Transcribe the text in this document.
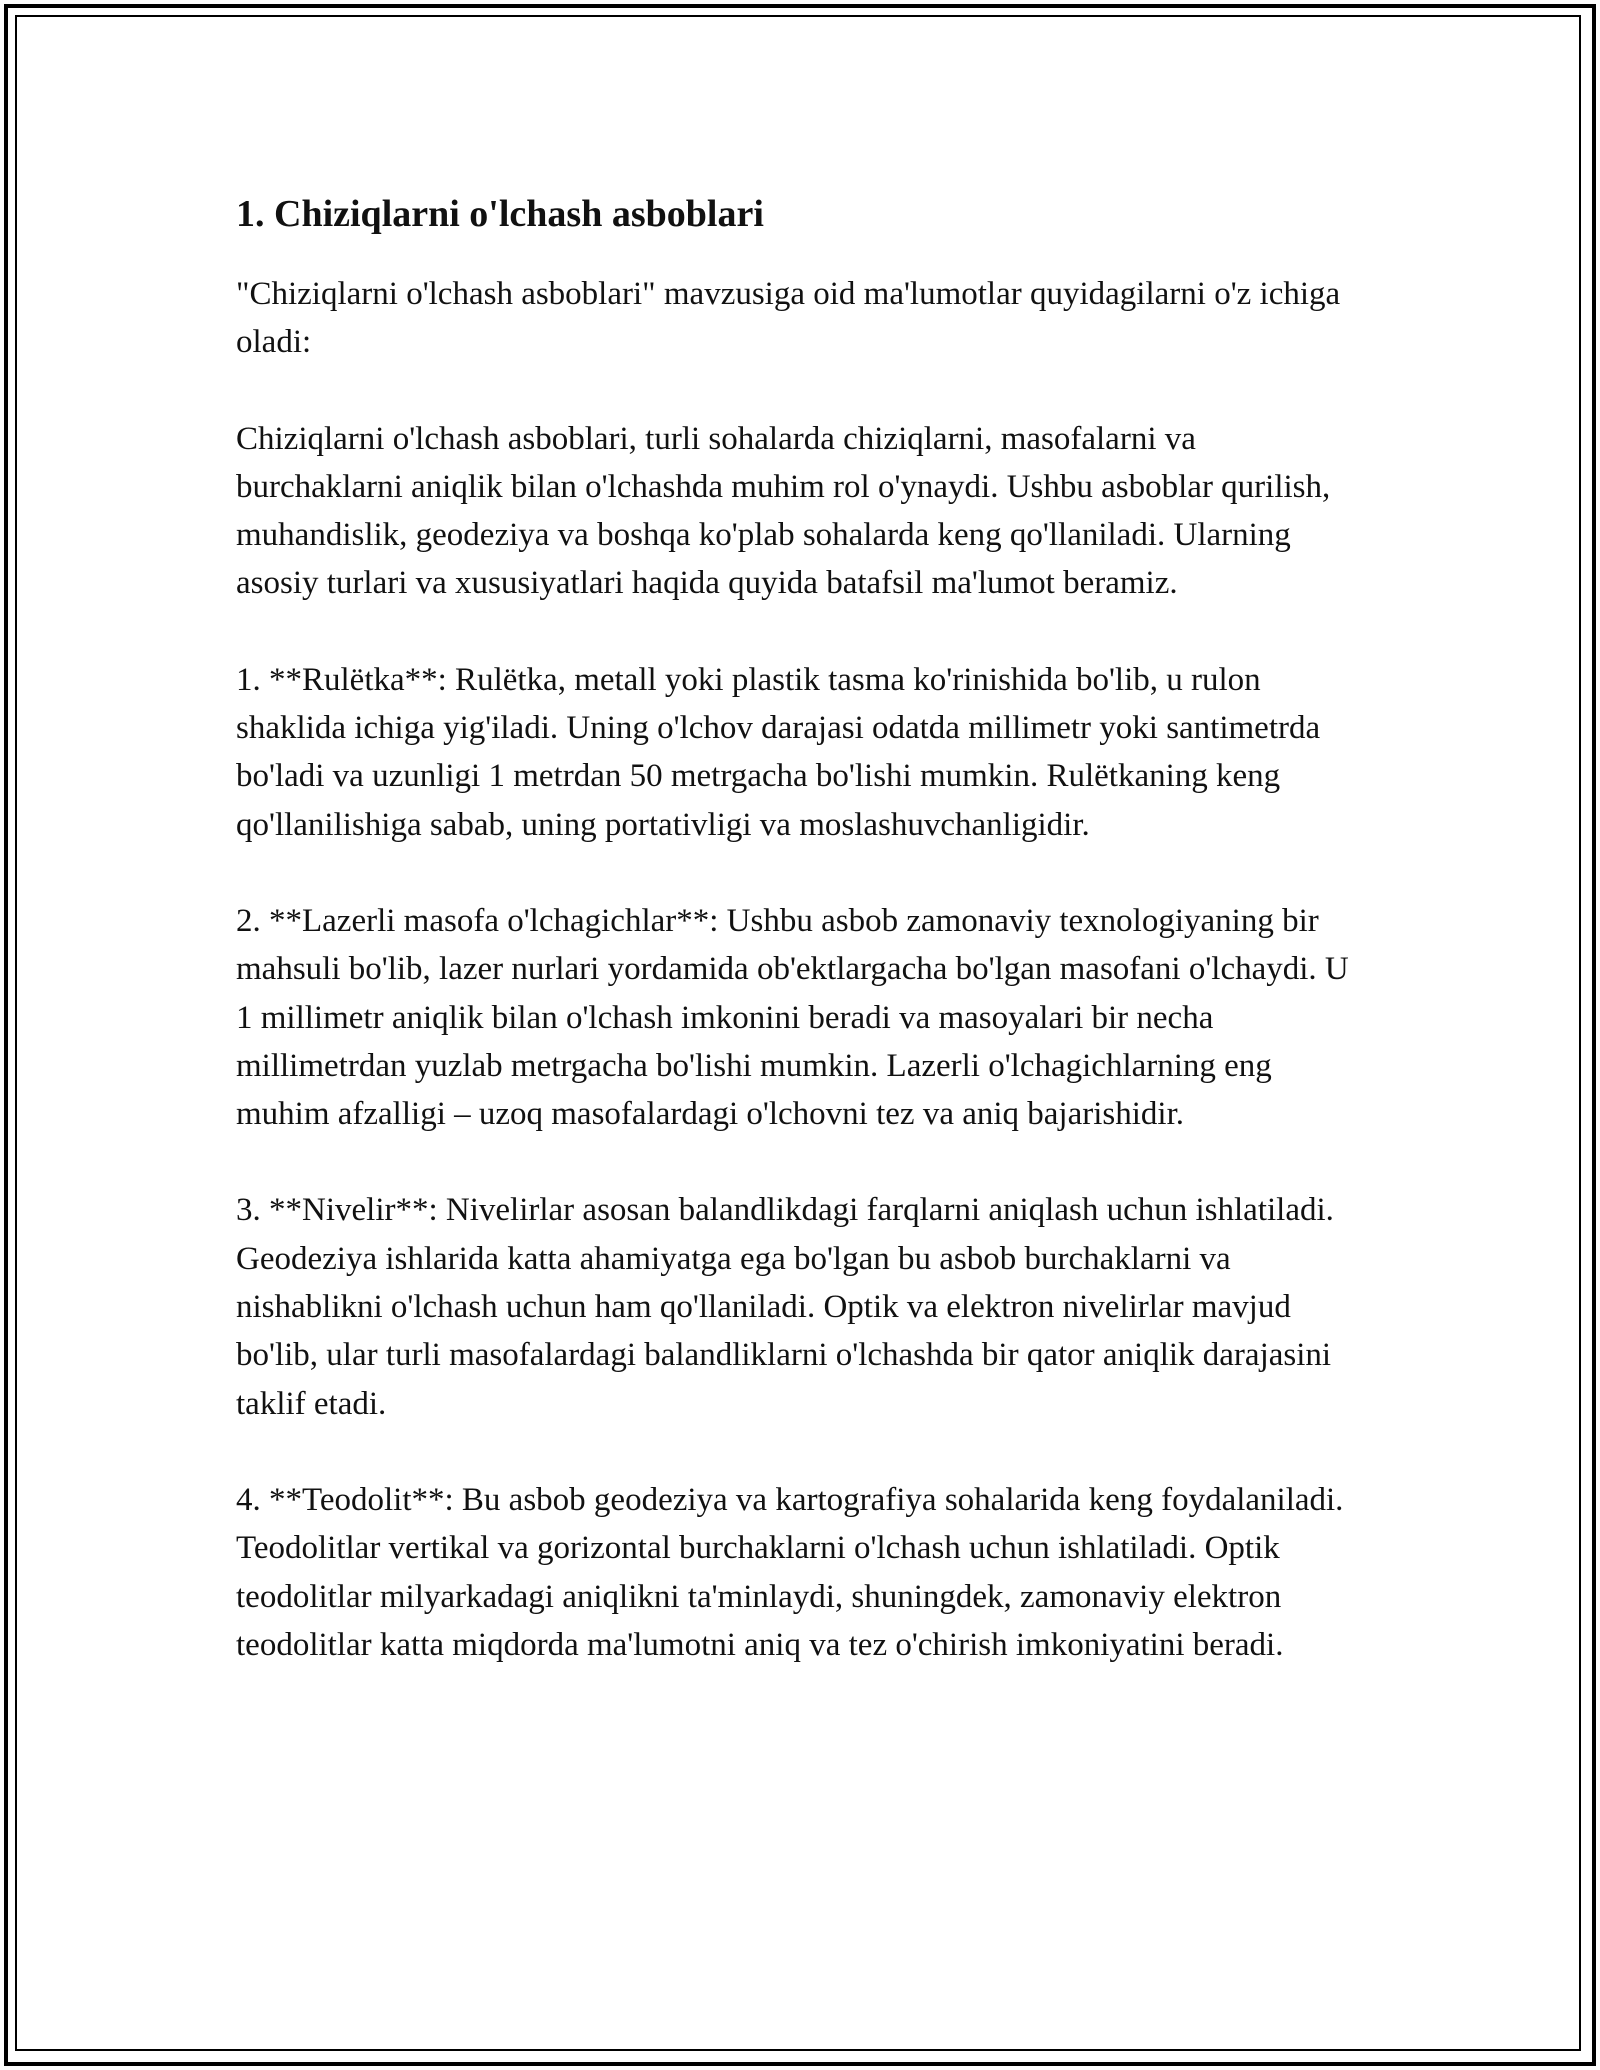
1. Chiziqlarni o'lchash asboblari

"Chiziqlarni o'lchash asboblari" mavzusiga oid ma'lumotlar quyidagilarni o'z ichiga oladi:

Chiziqlarni o'lchash asboblari, turli sohalarda chiziqlarni, masofalarni va burchaklarni aniqlik bilan o'lchashda muhim rol o'ynaydi. Ushbu asboblar qurilish, muhandislik, geodeziya va boshqa ko'plab sohalarda keng qo'llaniladi. Ularning asosiy turlari va xususiyatlari haqida quyida batafsil ma'lumot beramiz.

1. **Rulëtka**: Rulëtka, metall yoki plastik tasma ko'rinishida bo'lib, u rulon shaklida ichiga yig'iladi. Uning o'lchov darajasi odatda millimetr yoki santimetrda bo'ladi va uzunligi 1 metrdan 50 metrgacha bo'lishi mumkin. Rulëtkaning keng qo'llanilishiga sabab, uning portativligi va moslashuvchanligidir.

2. **Lazerli masofa o'lchagichlar**: Ushbu asbob zamonaviy texnologiyaning bir mahsuli bo'lib, lazer nurlari yordamida ob'ektlargacha bo'lgan masofani o'lchaydi. U 1 millimetr aniqlik bilan o'lchash imkonini beradi va masoyalari bir necha millimetrdan yuzlab metrgacha bo'lishi mumkin. Lazerli o'lchagichlarning eng muhim afzalligi – uzoq masofalardagi o'lchovni tez va aniq bajarishidir.

3. **Nivelir**: Nivelirlar asosan balandlikdagi farqlarni aniqlash uchun ishlatiladi. Geodeziya ishlarida katta ahamiyatga ega bo'lgan bu asbob burchaklarni va nishablikni o'lchash uchun ham qo'llaniladi. Optik va elektron nivelirlar mavjud bo'lib, ular turli masofalardagi balandliklarni o'lchashda bir qator aniqlik darajasini taklif etadi.

4. **Teodolit**: Bu asbob geodeziya va kartografiya sohalarida keng foydalaniladi. Teodolitlar vertikal va gorizontal burchaklarni o'lchash uchun ishlatiladi. Optik teodolitlar milyarkadagi aniqlikni ta'minlaydi, shuningdek, zamonaviy elektron teodolitlar katta miqdorda ma'lumotni aniq va tez o'chirish imkoniyatini beradi.
